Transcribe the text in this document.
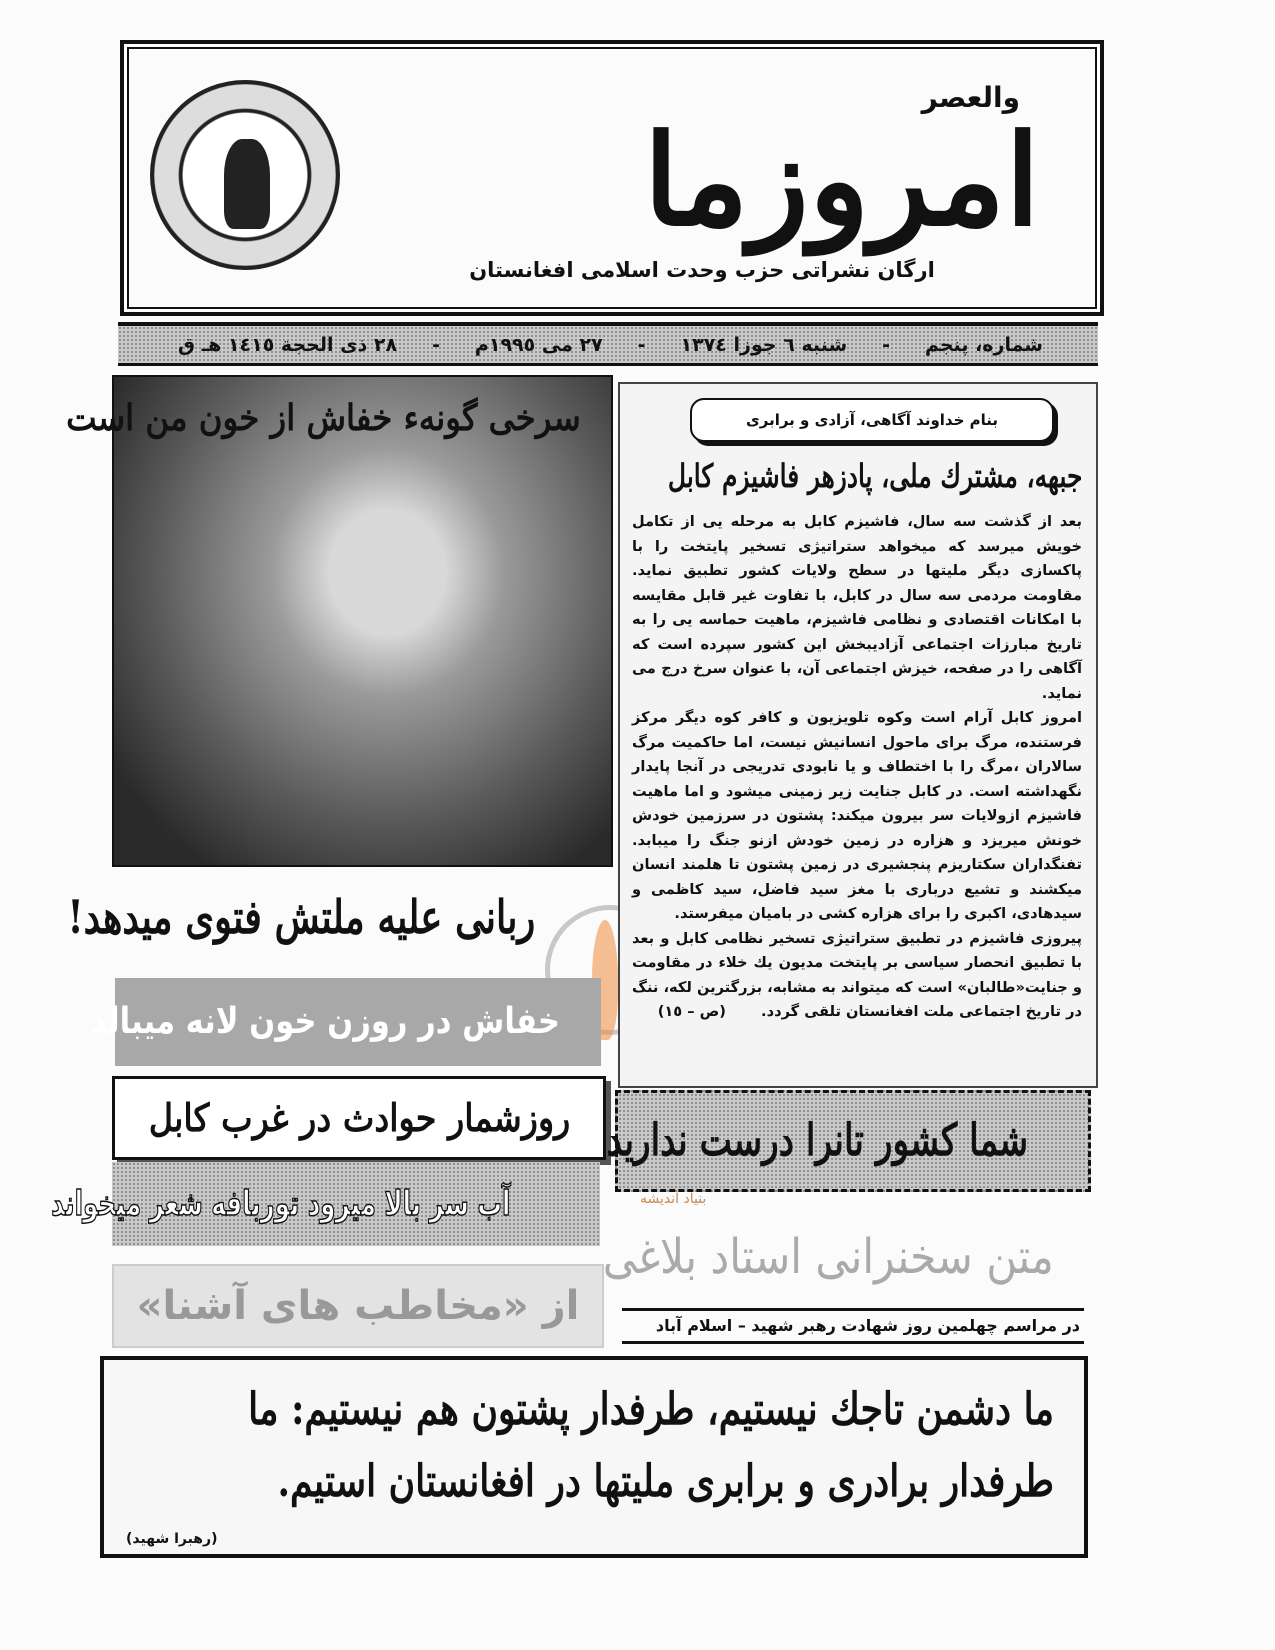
والعصر
امروزما
ارگان نشراتی حزب وحدت اسلامی افغانستان
شماره، پنجم
-
شنبه ٦ جوزا ١٣٧٤
-
٢٧ می ١٩٩٥م
-
٢٨ ذی الحجة ١٤١٥ هـ ق
سرخی گونهء خفاش از خون من است	بنام خداوند آگاهی، آزادی و برابری
جبهه، مشترك ملی، پادزهر فاشیزم کابل

بعد از گذشت سه سال، فاشیزم کابل به مرحله یی از تکامل خویش میرسد که میخواهد ستراتیژی تسخیر پایتخت را با پاکسازی دیگر ملیتها در سطح ولایات کشور تطبیق نماید. مقاومت مردمی سه سال در کابل، با تفاوت غیر قابل مقایسه با امکانات اقتصادی و نظامی فاشیزم، ماهیت حماسه یی را به تاریخ مبارزات اجتماعی آزادیبخش این کشور سپرده است که آگاهی را در صفحه، خیزش اجتماعی آن، با عنوان سرخ درج می نماید.

امروز کابل آرام است وکوه تلویزیون و کافر کوه دیگر مرکز فرستنده، مرگ برای ماحول انسانیش نیست، اما حاکمیت مرگ سالاران ،مرگ را با اختطاف و یا نابودی تدریجی در آنجا پایدار نگهداشته است. در کابل جنایت زیر زمینی میشود و اما ماهیت فاشیزم ازولایات سر بیرون میکند: پشتون در سرزمین خودش خونش میریزد و هزاره در زمین خودش ازنو جنگ را میبابد. تفنگداران سکتاریزم پنجشیری در زمین پشتون تا هلمند انسان میکشند و تشیع درباری با مغز سید فاضل، سید کاظمی و سیدهادی، اکبری را برای هزاره کشی در بامیان میفرستد.

پیروزی فاشیزم در تطبیق ستراتیژی تسخیر نظامی کابل و بعد با تطبیق انحصار سیاسی بر پایتخت مدیون یك خلاء در مقاومت و جنایت«طالبان» است که میتواند به مشابه، بزرگترین لکه، ننگ در تاریخ اجتماعی ملت افغانستان تلقی گردد.

(ص – ١٥)
ربانی علیه ملتش فتوی میدهد!
خفاش در روزن خون لانه میبالد
روزشمار حوادث در غرب کابل
آب سر بالا میرود توربافه شعر میخواند
از «مخاطب های آشنا»
شما کشور تانرا درست ندارید
متن سخنرانی استاد بلاغی
در مراسم چهلمین روز شهادت رهبر شهید – اسلام آباد
ما دشمن تاجك نیستیم، طرفدار پشتون هم نیستیم: ما طرفدار برادری و برابری ملیتها در افغانستان استیم.
(رهبرا شهید)
بنیاد اندیشه
